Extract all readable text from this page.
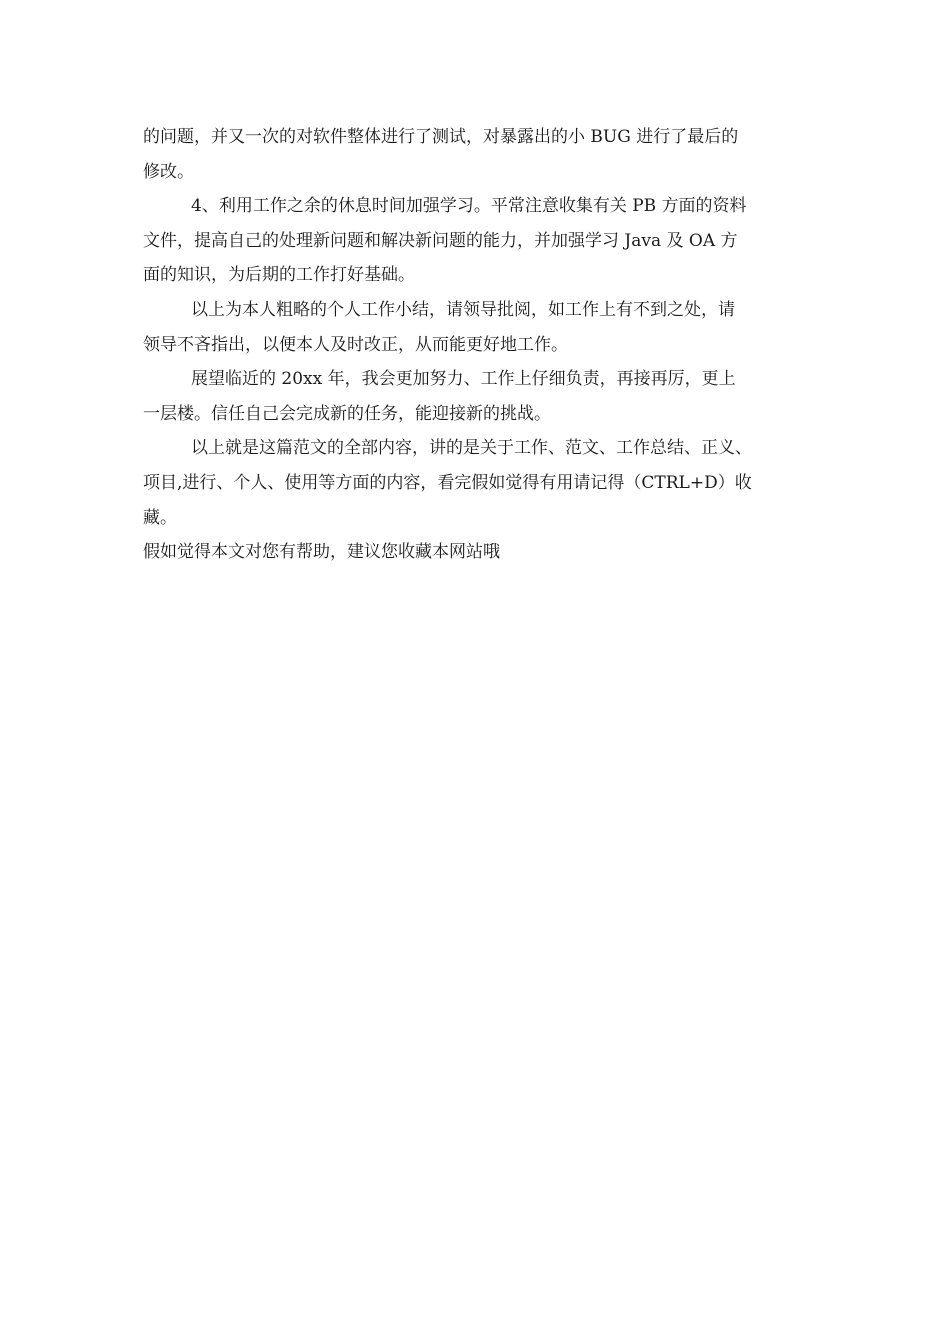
的问题，并又一次的对软件整体进行了测试，对暴露出的小 BUG 进行了最后的
修改。
4、利用工作之余的休息时间加强学习。平常注意收集有关 PB 方面的资料
文件，提高自己的处理新问题和解决新问题的能力，并加强学习 Java 及 OA 方
面的知识，为后期的工作打好基础。
以上为本人粗略的个人工作小结，请领导批阅，如工作上有不到之处，请
领导不吝指出，以便本人及时改正，从而能更好地工作。
展望临近的 20xx 年，我会更加努力、工作上仔细负责，再接再厉，更上
一层楼。信任自己会完成新的任务，能迎接新的挑战。
以上就是这篇范文的全部内容，讲的是关于工作、范文、工作总结、正义、
项目,进行、个人、使用等方面的内容，看完假如觉得有用请记得（CTRL+D）收
藏。
假如觉得本文对您有帮助，建议您收藏本网站哦
